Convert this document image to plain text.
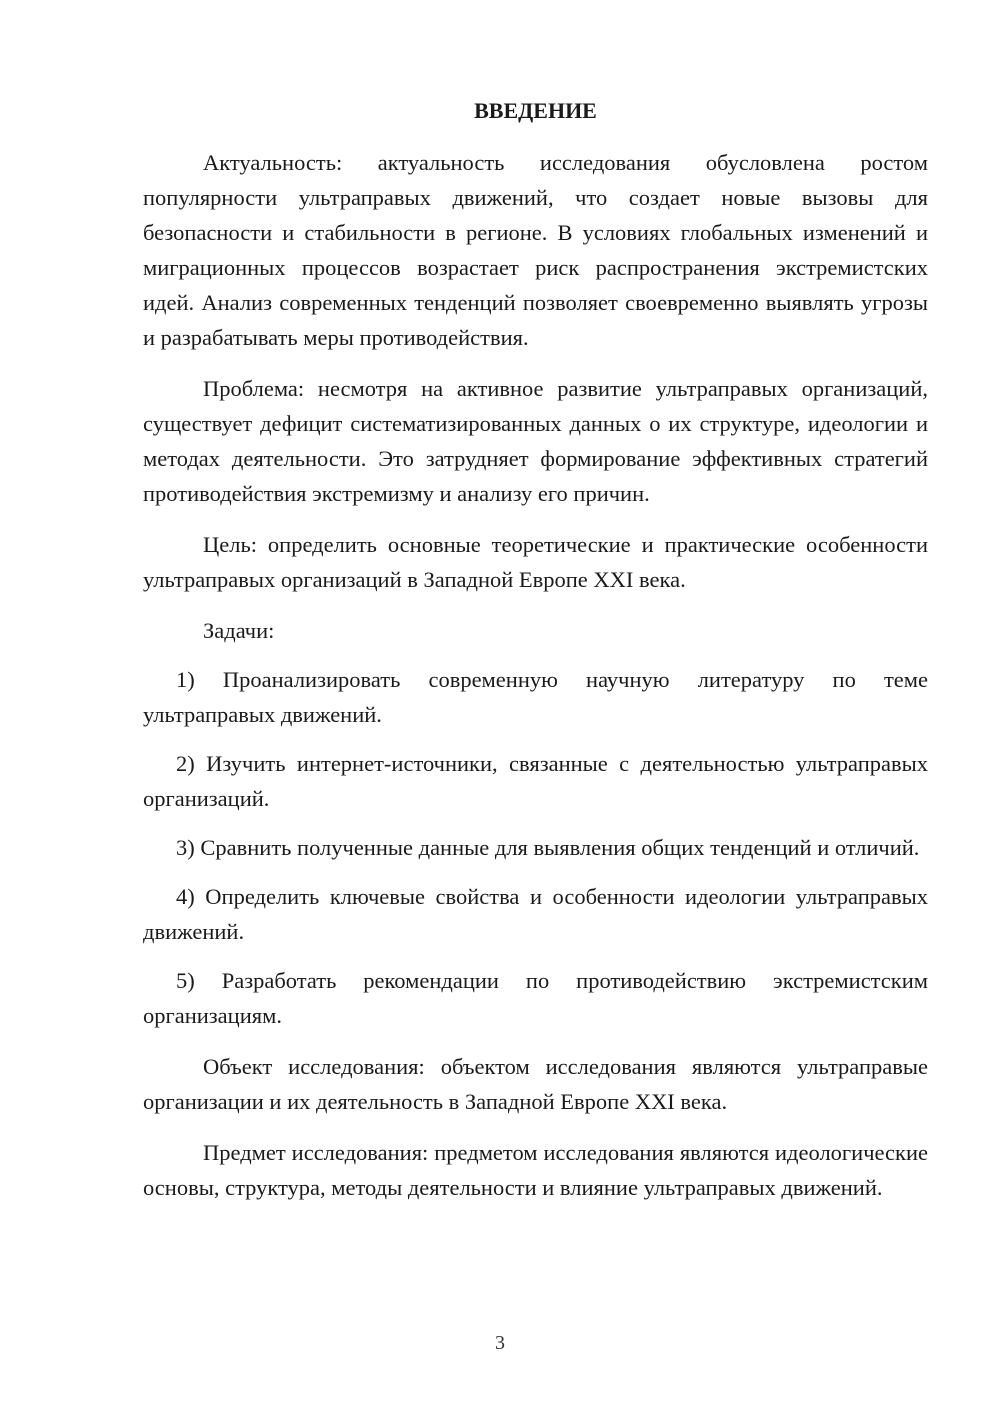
ВВЕДЕНИЕ

Актуальность: актуальность исследования обусловлена ростом популярности ультраправых движений, что создает новые вызовы для безопасности и стабильности в регионе. В условиях глобальных изменений и миграционных процессов возрастает риск распространения экстремистских идей. Анализ современных тенденций позволяет своевременно выявлять угрозы и разрабатывать меры противодействия.

Проблема: несмотря на активное развитие ультраправых организаций, существует дефицит систематизированных данных о их структуре, идеологии и методах деятельности. Это затрудняет формирование эффективных стратегий противодействия экстремизму и анализу его причин.

Цель: определить основные теоретические и практические особенности ультраправых организаций в Западной Европе XXI века.

Задачи:

1) Проанализировать современную научную литературу по теме ультраправых движений.

2) Изучить интернет-источники, связанные с деятельностью ультраправых организаций.

3) Сравнить полученные данные для выявления общих тенденций и отличий.

4) Определить ключевые свойства и особенности идеологии ультраправых движений.

5) Разработать рекомендации по противодействию экстремистским организациям.

Объект исследования: объектом исследования являются ультраправые организации и их деятельность в Западной Европе XXI века.

Предмет исследования: предметом исследования являются идеологические основы, структура, методы деятельности и влияние ультраправых движений.

3
